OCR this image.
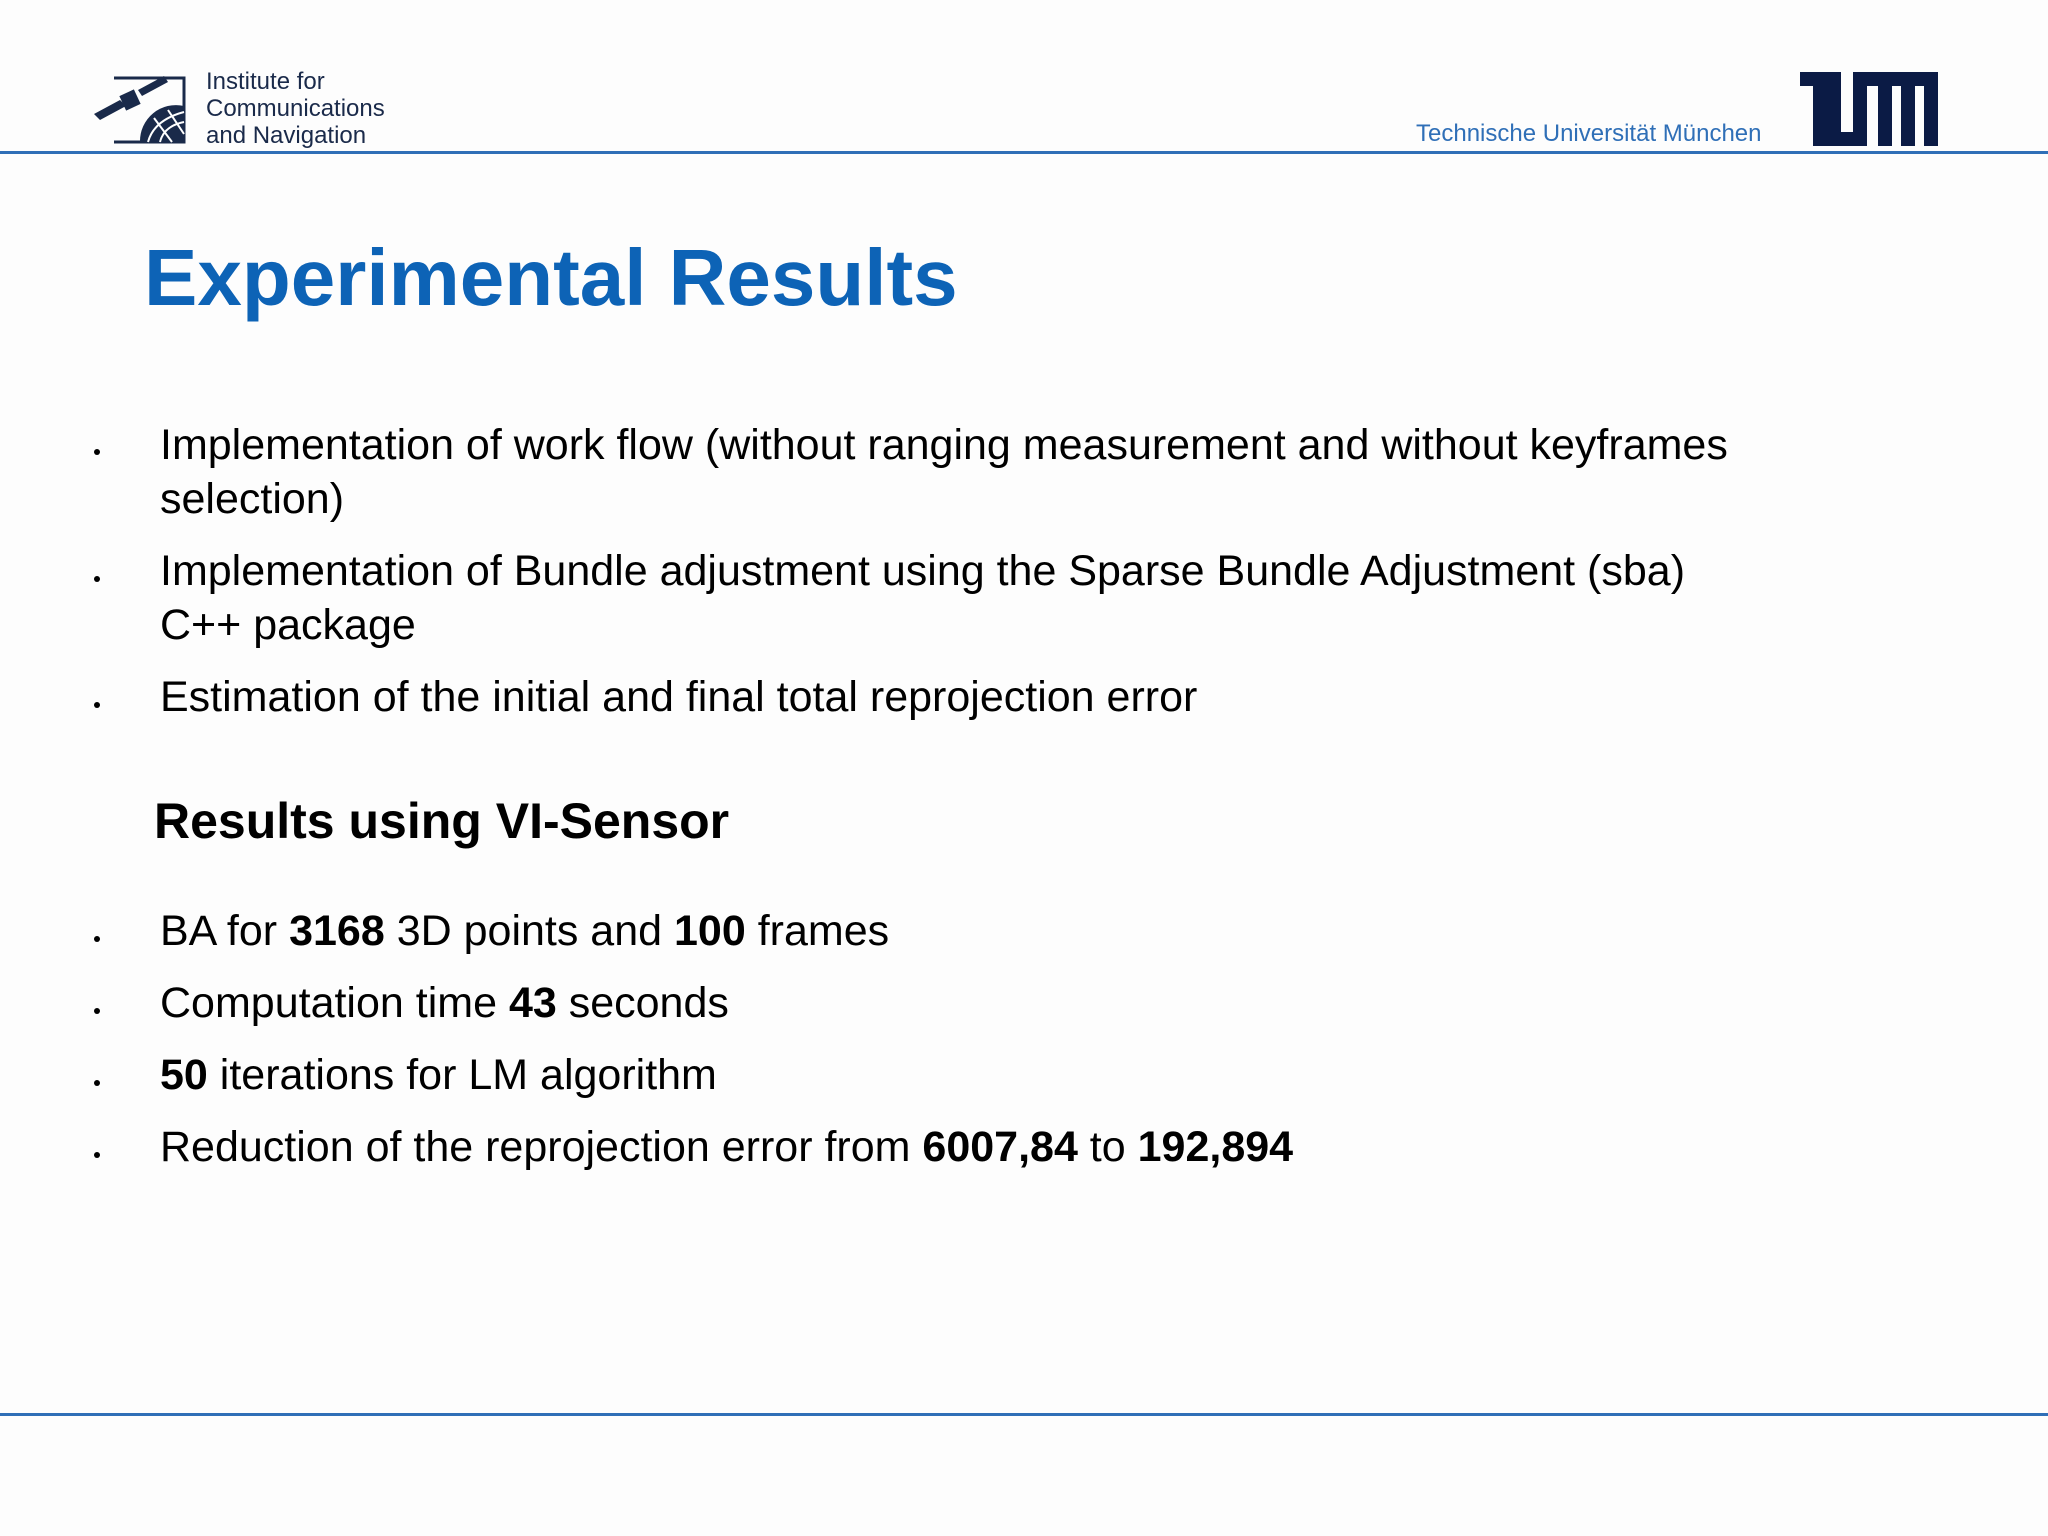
Institute for
Communications
and Navigation	Technische Universität München
Experimental Results
Implementation of work flow (without ranging measurement and without keyframes
selection)
Implementation of Bundle adjustment using the Sparse Bundle Adjustment (sba)
C++ package
Estimation of the initial and final total reprojection error
Results using VI-Sensor
BA for 3168 3D points and 100 frames
Computation time 43 seconds
50 iterations for LM algorithm
Reduction of the reprojection error from 6007,84 to 192,894
